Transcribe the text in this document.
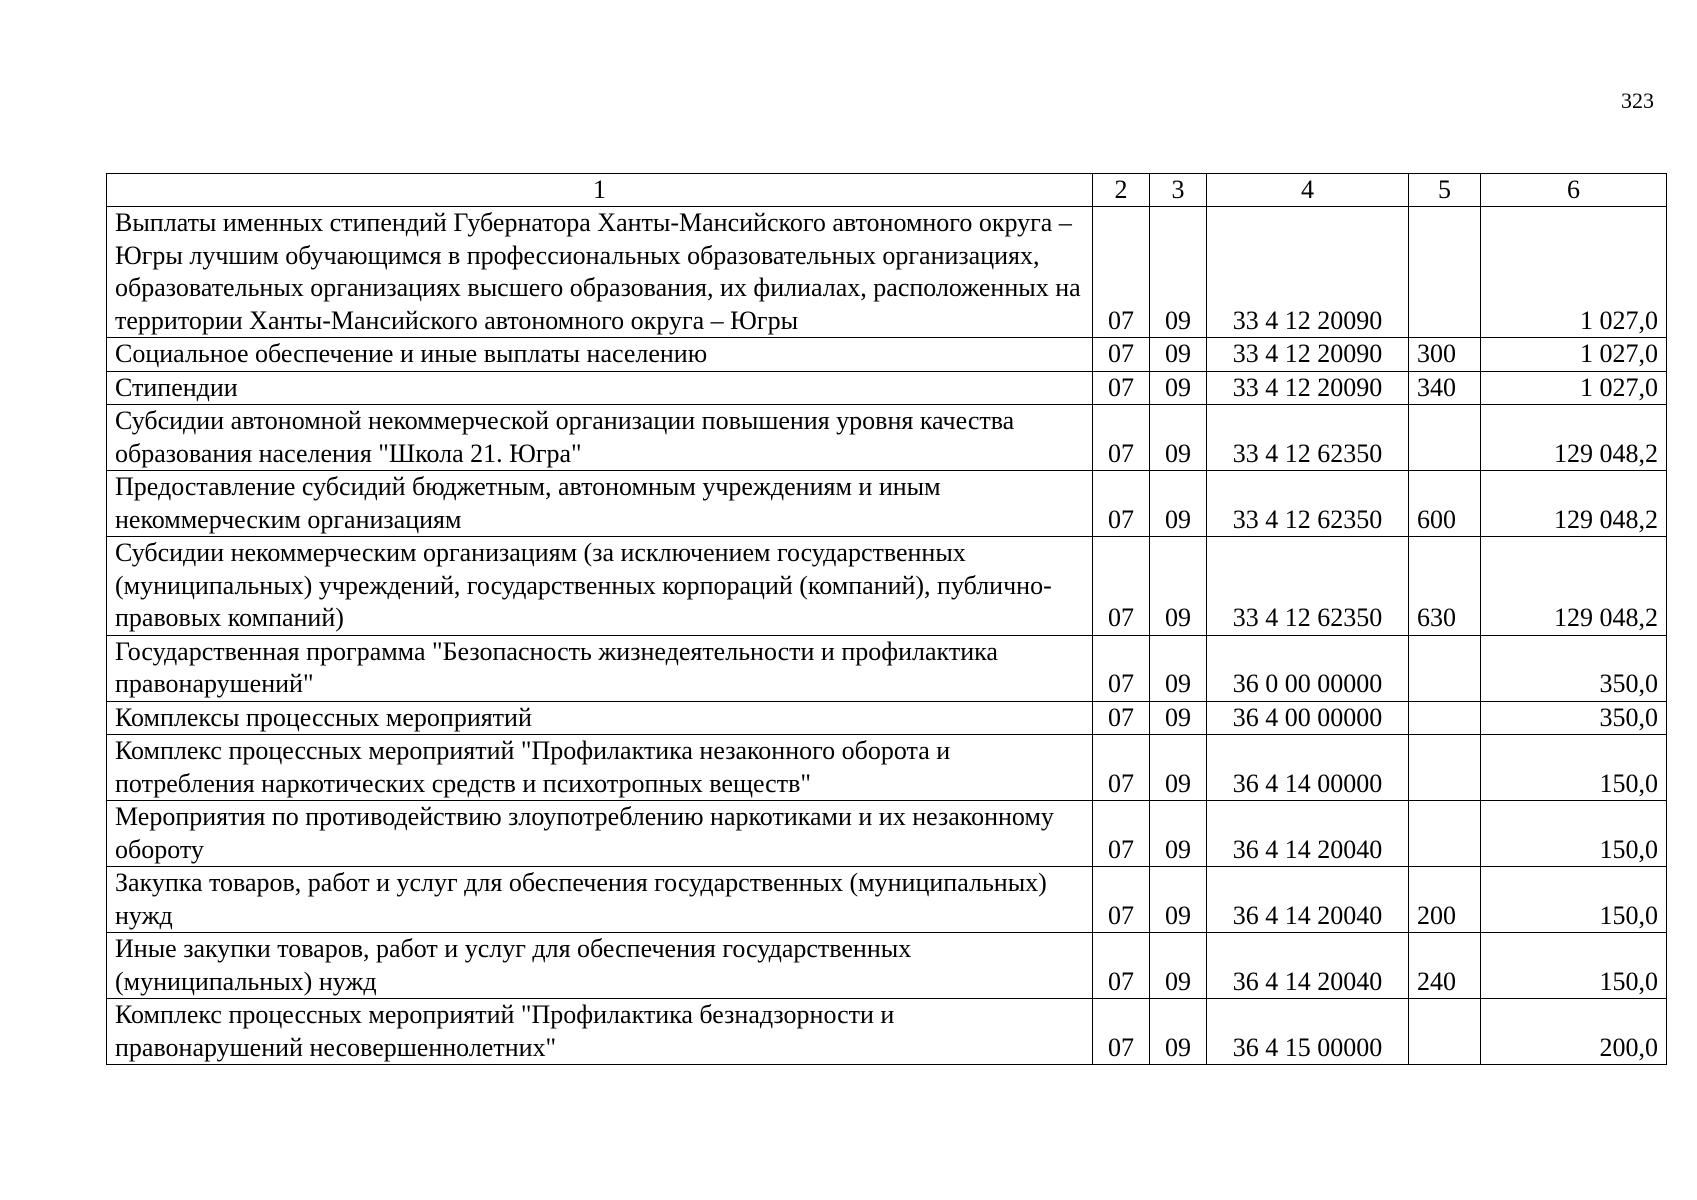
323
1	2	3	4	5	6
Выплаты именных стипендий Губернатора Ханты-Мансийского автономного округа – Югры лучшим обучающимся в профессиональных образовательных организациях, образовательных организациях высшего образования, их филиалах, расположенных на территории Ханты-Мансийского автономного округа – Югры	07	09	33 4 12 20090		1 027,0
Социальное обеспечение и иные выплаты населению	07	09	33 4 12 20090	300	1 027,0
Стипендии	07	09	33 4 12 20090	340	1 027,0
Субсидии автономной некоммерческой организации повышения уровня качества образования населения "Школа 21. Югра"	07	09	33 4 12 62350		129 048,2
Предоставление субсидий бюджетным, автономным учреждениям и иным некоммерческим организациям	07	09	33 4 12 62350	600	129 048,2
Субсидии некоммерческим организациям (за исключением государственных (муниципальных) учреждений, государственных корпораций (компаний), публично-правовых компаний)	07	09	33 4 12 62350	630	129 048,2
Государственная программа "Безопасность жизнедеятельности и профилактика правонарушений"	07	09	36 0 00 00000		350,0
Комплексы процессных мероприятий	07	09	36 4 00 00000		350,0
Комплекс процессных мероприятий "Профилактика незаконного оборота и потребления наркотических средств и психотропных веществ"	07	09	36 4 14 00000		150,0
Мероприятия по противодействию злоупотреблению наркотиками и их незаконному обороту	07	09	36 4 14 20040		150,0
Закупка товаров, работ и услуг для обеспечения государственных (муниципальных) нужд	07	09	36 4 14 20040	200	150,0
Иные закупки товаров, работ и услуг для обеспечения государственных (муниципальных) нужд	07	09	36 4 14 20040	240	150,0
Комплекс процессных мероприятий "Профилактика безнадзорности и правонарушений несовершеннолетних"	07	09	36 4 15 00000		200,0
